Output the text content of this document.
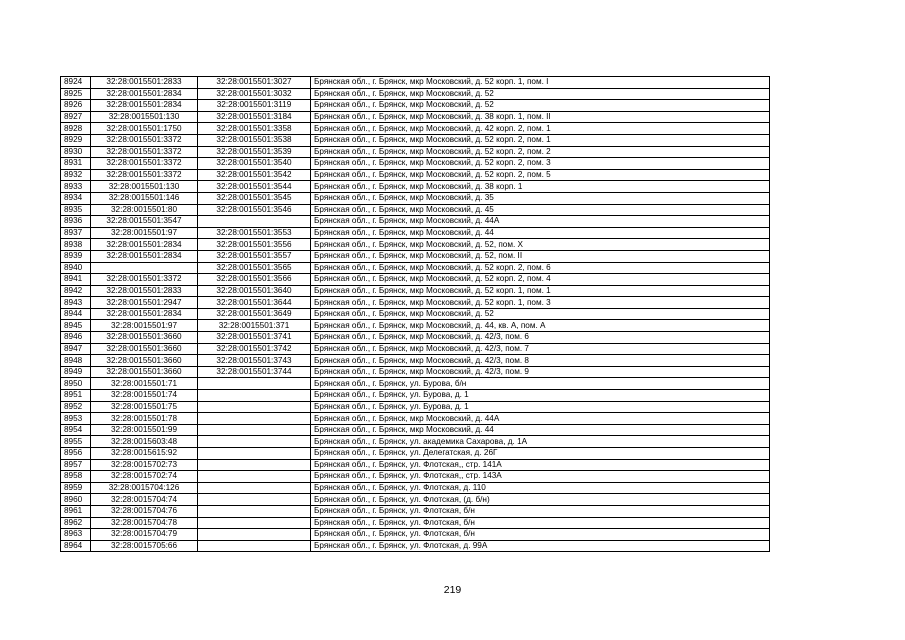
8924	32:28:0015501:2833	32:28:0015501:3027	Брянская обл., г. Брянск, мкр Московский, д. 52 корп. 1, пом. I
8925	32:28:0015501:2834	32:28:0015501:3032	Брянская обл., г. Брянск, мкр Московский, д. 52
8926	32:28:0015501:2834	32:28:0015501:3119	Брянская обл., г. Брянск, мкр Московский, д. 52
8927	32:28:0015501:130	32:28:0015501:3184	Брянская обл., г. Брянск, мкр Московский, д. 38 корп. 1, пом. II
8928	32:28:0015501:1750	32:28:0015501:3358	Брянская обл., г. Брянск, мкр Московский, д. 42 корп. 2, пом. 1
8929	32:28:0015501:3372	32:28:0015501:3538	Брянская обл., г. Брянск, мкр Московский, д. 52 корп. 2, пом. 1
8930	32:28:0015501:3372	32:28:0015501:3539	Брянская обл., г. Брянск, мкр Московский, д. 52 корп. 2, пом. 2
8931	32:28:0015501:3372	32:28:0015501:3540	Брянская обл., г. Брянск, мкр Московский, д. 52 корп. 2, пом. 3
8932	32:28:0015501:3372	32:28:0015501:3542	Брянская обл., г. Брянск, мкр Московский, д. 52 корп. 2, пом. 5
8933	32:28:0015501:130	32:28:0015501:3544	Брянская обл., г. Брянск, мкр Московский, д. 38 корп. 1
8934	32:28:0015501:146	32:28:0015501:3545	Брянская обл., г. Брянск, мкр Московский, д. 35
8935	32:28:0015501:80	32:28:0015501:3546	Брянская обл., г. Брянск, мкр Московский, д. 45
8936	32:28:0015501:3547		Брянская обл., г. Брянск, мкр Московский, д. 44А
8937	32:28:0015501:97	32:28:0015501:3553	Брянская обл., г. Брянск, мкр Московский, д. 44
8938	32:28:0015501:2834	32:28:0015501:3556	Брянская обл., г. Брянск, мкр Московский, д. 52, пом. X
8939	32:28:0015501:2834	32:28:0015501:3557	Брянская обл., г. Брянск, мкр Московский, д. 52, пом. II
8940		32:28:0015501:3565	Брянская обл., г. Брянск, мкр Московский, д. 52 корп. 2, пом. 6
8941	32:28:0015501:3372	32:28:0015501:3566	Брянская обл., г. Брянск, мкр Московский, д. 52 корп. 2, пом. 4
8942	32:28:0015501:2833	32:28:0015501:3640	Брянская обл., г. Брянск, мкр Московский, д. 52 корп. 1, пом. 1
8943	32:28:0015501:2947	32:28:0015501:3644	Брянская обл., г. Брянск, мкр Московский, д. 52 корп. 1, пом. 3
8944	32:28:0015501:2834	32:28:0015501:3649	Брянская обл., г. Брянск, мкр Московский, д. 52
8945	32:28:0015501:97	32:28:0015501:371	Брянская обл., г. Брянск, мкр Московский, д. 44, кв. А, пом. А
8946	32:28:0015501:3660	32:28:0015501:3741	Брянская обл., г. Брянск, мкр Московский, д. 42/3, пом. 6
8947	32:28:0015501:3660	32:28:0015501:3742	Брянская обл., г. Брянск, мкр Московский, д. 42/3, пом. 7
8948	32:28:0015501:3660	32:28:0015501:3743	Брянская обл., г. Брянск, мкр Московский, д. 42/3, пом. 8
8949	32:28:0015501:3660	32:28:0015501:3744	Брянская обл., г. Брянск, мкр Московский, д. 42/3, пом. 9
8950	32:28:0015501:71		Брянская обл., г. Брянск, ул. Бурова, б/н
8951	32:28:0015501:74		Брянская обл., г. Брянск, ул. Бурова, д. 1
8952	32:28:0015501:75		Брянская обл., г. Брянск, ул. Бурова, д. 1
8953	32:28:0015501:78		Брянская обл., г. Брянск, мкр Московский, д. 44А
8954	32:28:0015501:99		Брянская обл., г. Брянск, мкр Московский, д. 44
8955	32:28:0015603:48		Брянская обл., г. Брянск, ул. академика Сахарова, д. 1А
8956	32:28:0015615:92		Брянская обл., г. Брянск, ул. Делегатская, д. 26Г
8957	32:28:0015702:73		Брянская обл., г. Брянск, ул. Флотская,, стр. 141А
8958	32:28:0015702:74		Брянская обл., г. Брянск, ул. Флотская,, стр. 143А
8959	32:28:0015704:126		Брянская обл., г. Брянск, ул. Флотская, д. 110
8960	32:28:0015704:74		Брянская обл., г. Брянск, ул. Флотская, (д. б/н)
8961	32:28:0015704:76		Брянская обл., г. Брянск, ул. Флотская, б/н
8962	32:28:0015704:78		Брянская обл., г. Брянск, ул. Флотская, б/н
8963	32:28:0015704:79		Брянская обл., г. Брянск, ул. Флотская, б/н
8964	32:28:0015705:66		Брянская обл., г. Брянск, ул. Флотская, д. 99А
219
